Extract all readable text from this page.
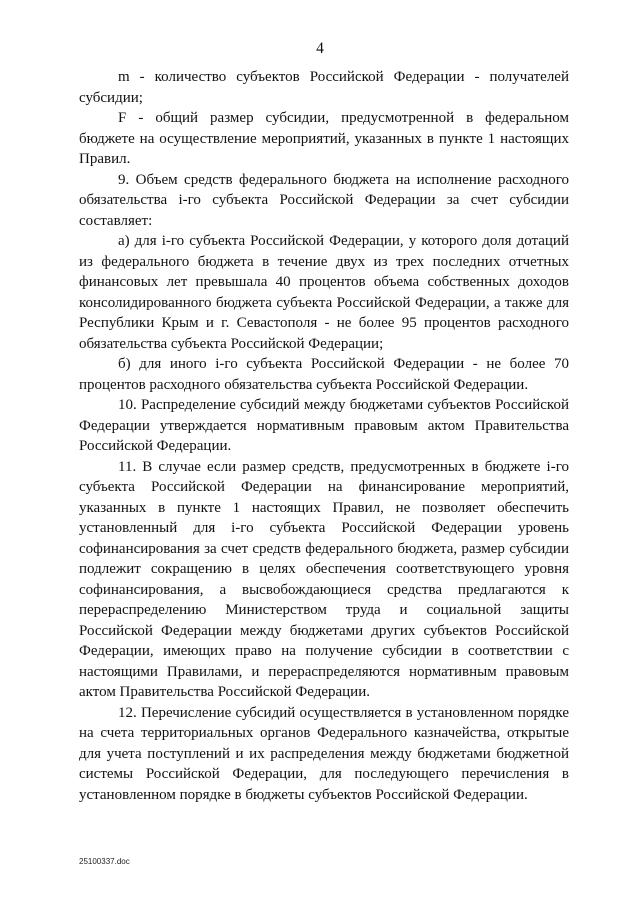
4

m - количество субъектов Российской Федерации - получателей субсидии;

F - общий размер субсидии, предусмотренной в федеральном бюджете на осуществление мероприятий, указанных в пункте 1 настоящих Правил.

9. Объем средств федерального бюджета на исполнение расходного обязательства i-го субъекта Российской Федерации за счет субсидии составляет:

а) для i-го субъекта Российской Федерации, у которого доля дотаций из федерального бюджета в течение двух из трех последних отчетных финансовых лет превышала 40 процентов объема собственных доходов консолидированного бюджета субъекта Российской Федерации, а также для Республики Крым и г. Севастополя - не более 95 процентов расходного обязательства субъекта Российской Федерации;

б) для иного i-го субъекта Российской Федерации - не более 70 процентов расходного обязательства субъекта Российской Федерации.

10. Распределение субсидий между бюджетами субъектов Российской Федерации утверждается нормативным правовым актом Правительства Российской Федерации.

11. В случае если размер средств, предусмотренных в бюджете i-го субъекта Российской Федерации на финансирование мероприятий, указанных в пункте 1 настоящих Правил, не позволяет обеспечить установленный для i-го субъекта Российской Федерации уровень софинансирования за счет средств федерального бюджета, размер субсидии подлежит сокращению в целях обеспечения соответствующего уровня софинансирования, а высвобождающиеся средства предлагаются к перераспределению Министерством труда и социальной защиты Российской Федерации между бюджетами других субъектов Российской Федерации, имеющих право на получение субсидии в соответствии с настоящими Правилами, и перераспределяются нормативным правовым актом Правительства Российской Федерации.

12. Перечисление субсидий осуществляется в установленном порядке на счета территориальных органов Федерального казначейства, открытые для учета поступлений и их распределения между бюджетами бюджетной системы Российской Федерации, для последующего перечисления в установленном порядке в бюджеты субъектов Российской Федерации.

25100337.doc
